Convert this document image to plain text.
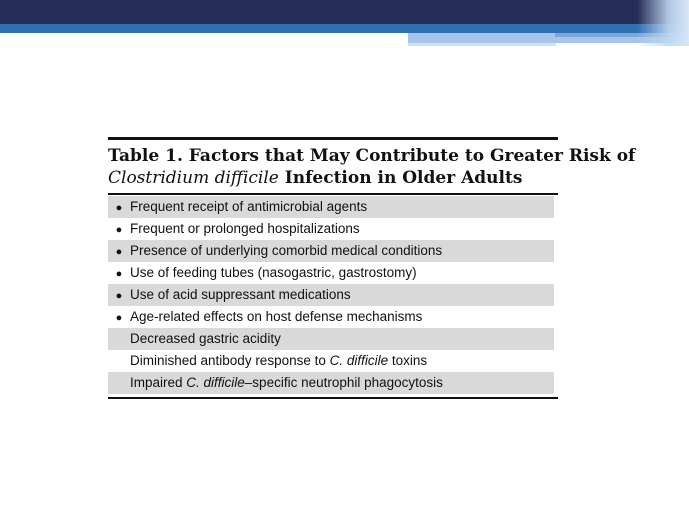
Table 1. Factors that May Contribute to Greater Risk of
Clostridium difficile Infection in Older Adults
● Frequent receipt of antimicrobial agents
● Frequent or prolonged hospitalizations
● Presence of underlying comorbid medical conditions
● Use of feeding tubes (nasogastric, gastrostomy)
● Use of acid suppressant medications
● Age-related effects on host defense mechanisms
Decreased gastric acidity
Diminished antibody response to C. difficile toxins
Impaired C. difficile–specific neutrophil phagocytosis
